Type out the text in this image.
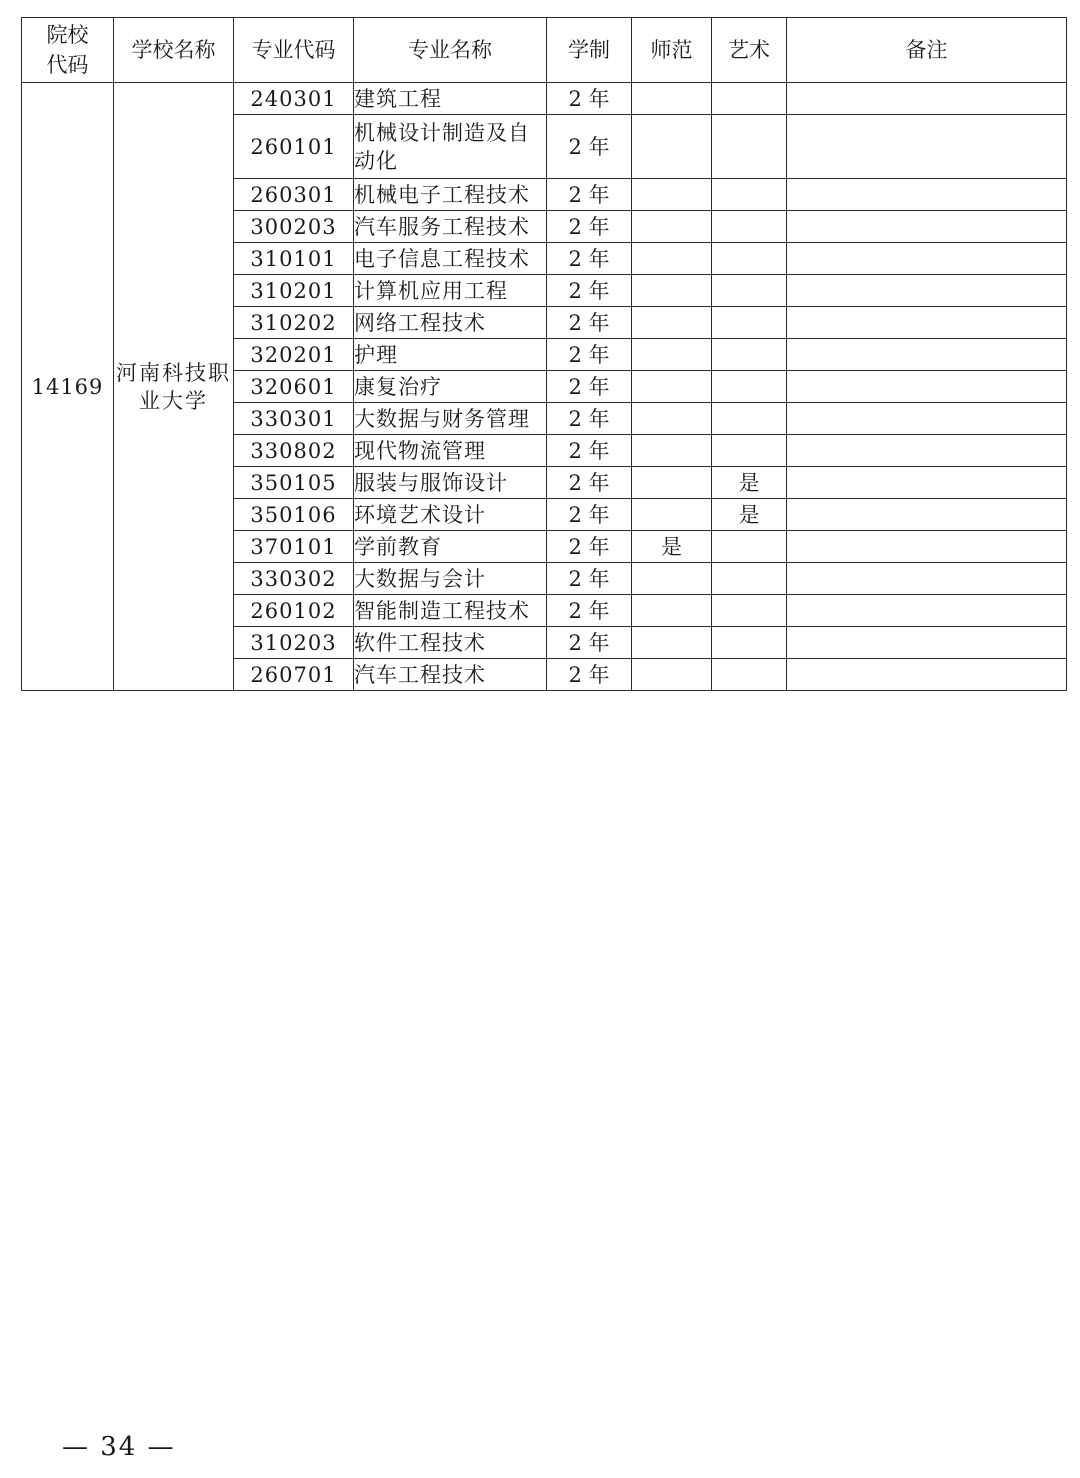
院校
代码	学校名称	专业代码	专业名称	学制	师范	艺术	备注
14169	河南科技职业大学	240301	建筑工程	2 年			
		260101	机械设计制造及自动化	2 年			
		260301	机械电子工程技术	2 年			
		300203	汽车服务工程技术	2 年			
		310101	电子信息工程技术	2 年			
		310201	计算机应用工程	2 年			
		310202	网络工程技术	2 年			
		320201	护理	2 年			
		320601	康复治疗	2 年			
		330301	大数据与财务管理	2 年			
		330802	现代物流管理	2 年			
		350105	服装与服饰设计	2 年		是	
		350106	环境艺术设计	2 年		是	
		370101	学前教育	2 年	是		
		330302	大数据与会计	2 年			
		260102	智能制造工程技术	2 年			
		310203	软件工程技术	2 年			
		260701	汽车工程技术	2 年			
— 34 —
